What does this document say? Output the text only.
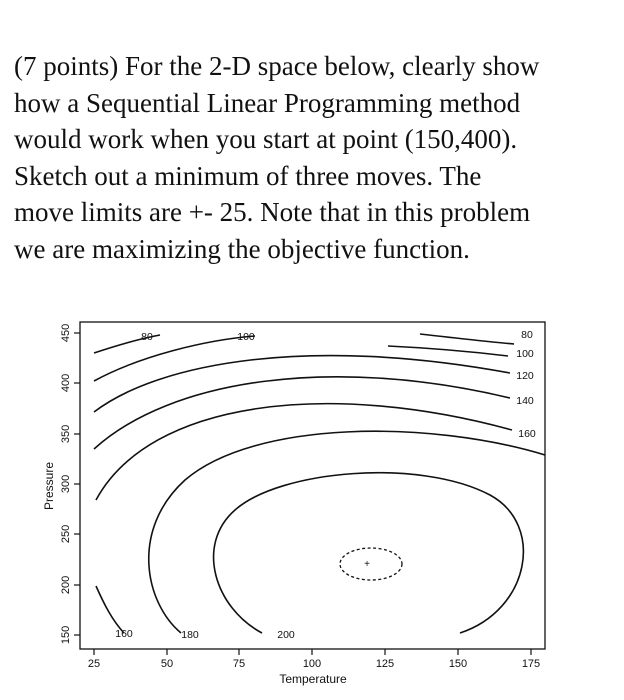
(7 points) For the 2-D space below, clearly show
how a Sequential Linear Programming method
would work when you start at point (150,400).
Sketch out a minimum of three moves. The
move limits are +- 25. Note that in this problem
we are maximizing the objective function.
25	50	75	100	125	150	175
Temperature
150
200
250
300
350
400
450
Pressure
+
80	100	80
100
120
140
160
160	180	200
